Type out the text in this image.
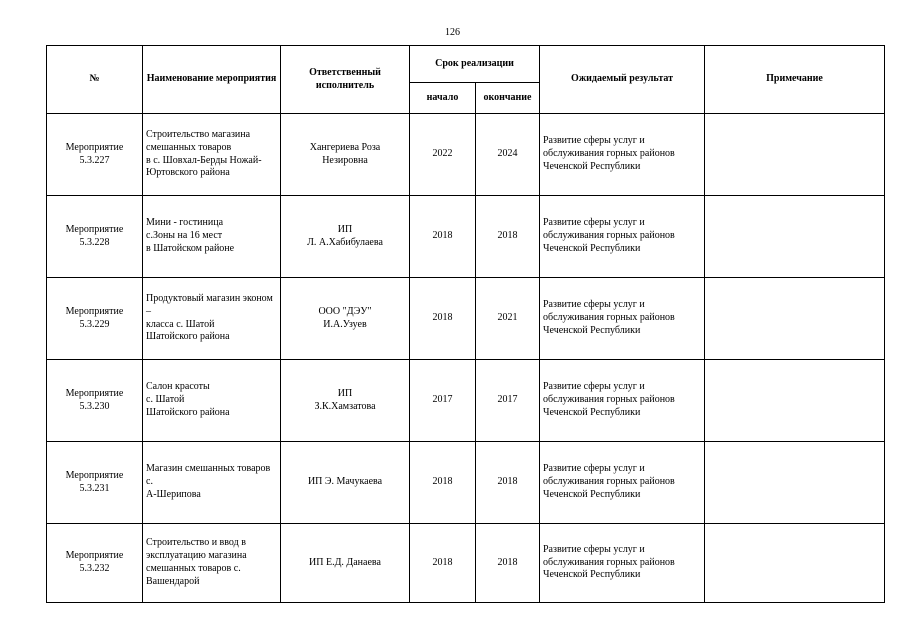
126
№	Наименование мероприятия	Ответственный исполнитель	Срок реализации		Ожидаемый результат	Примечание
			начало	окончание		

Мероприятие
5.3.227	Строительство магазина
смешанных товаров
в с. Шовхал-Берды Ножай-
Юртовского района	Хангериева Роза
Незировна	2022	2024	Развитие сферы услуг и
обслуживания горных районов
Чеченской Республики	

Мероприятие
5.3.228	Мини - гостиница
с.Зоны на 16 мест
в Шатойском районе	ИП
Л. А.Хабибулаева	2018	2018	Развитие сферы услуг и
обслуживания горных районов
Чеченской Республики	

Мероприятие
5.3.229	Продуктовый магазин эконом –
класса с. Шатой
Шатойского района	ООО "ДЭУ"
И.А.Узуев	2018	2021	Развитие сферы услуг и
обслуживания горных районов
Чеченской Республики	

Мероприятие
5.3.230	Салон красоты
с. Шатой
Шатойского района	ИП
З.К.Хамзатова	2017	2017	Развитие сферы услуг и
обслуживания горных районов
Чеченской Республики	

Мероприятие
5.3.231	Магазин смешанных товаров с.
А-Шерипова	ИП Э. Мачукаева	2018	2018	Развитие сферы услуг и
обслуживания горных районов
Чеченской Республики	

Мероприятие
5.3.232	Строительство и ввод в
эксплуатацию магазина
смешанных товаров с.
Вашендарой	ИП Е.Д. Данаева	2018	2018	Развитие сферы услуг и
обслуживания горных районов
Чеченской Республики	
